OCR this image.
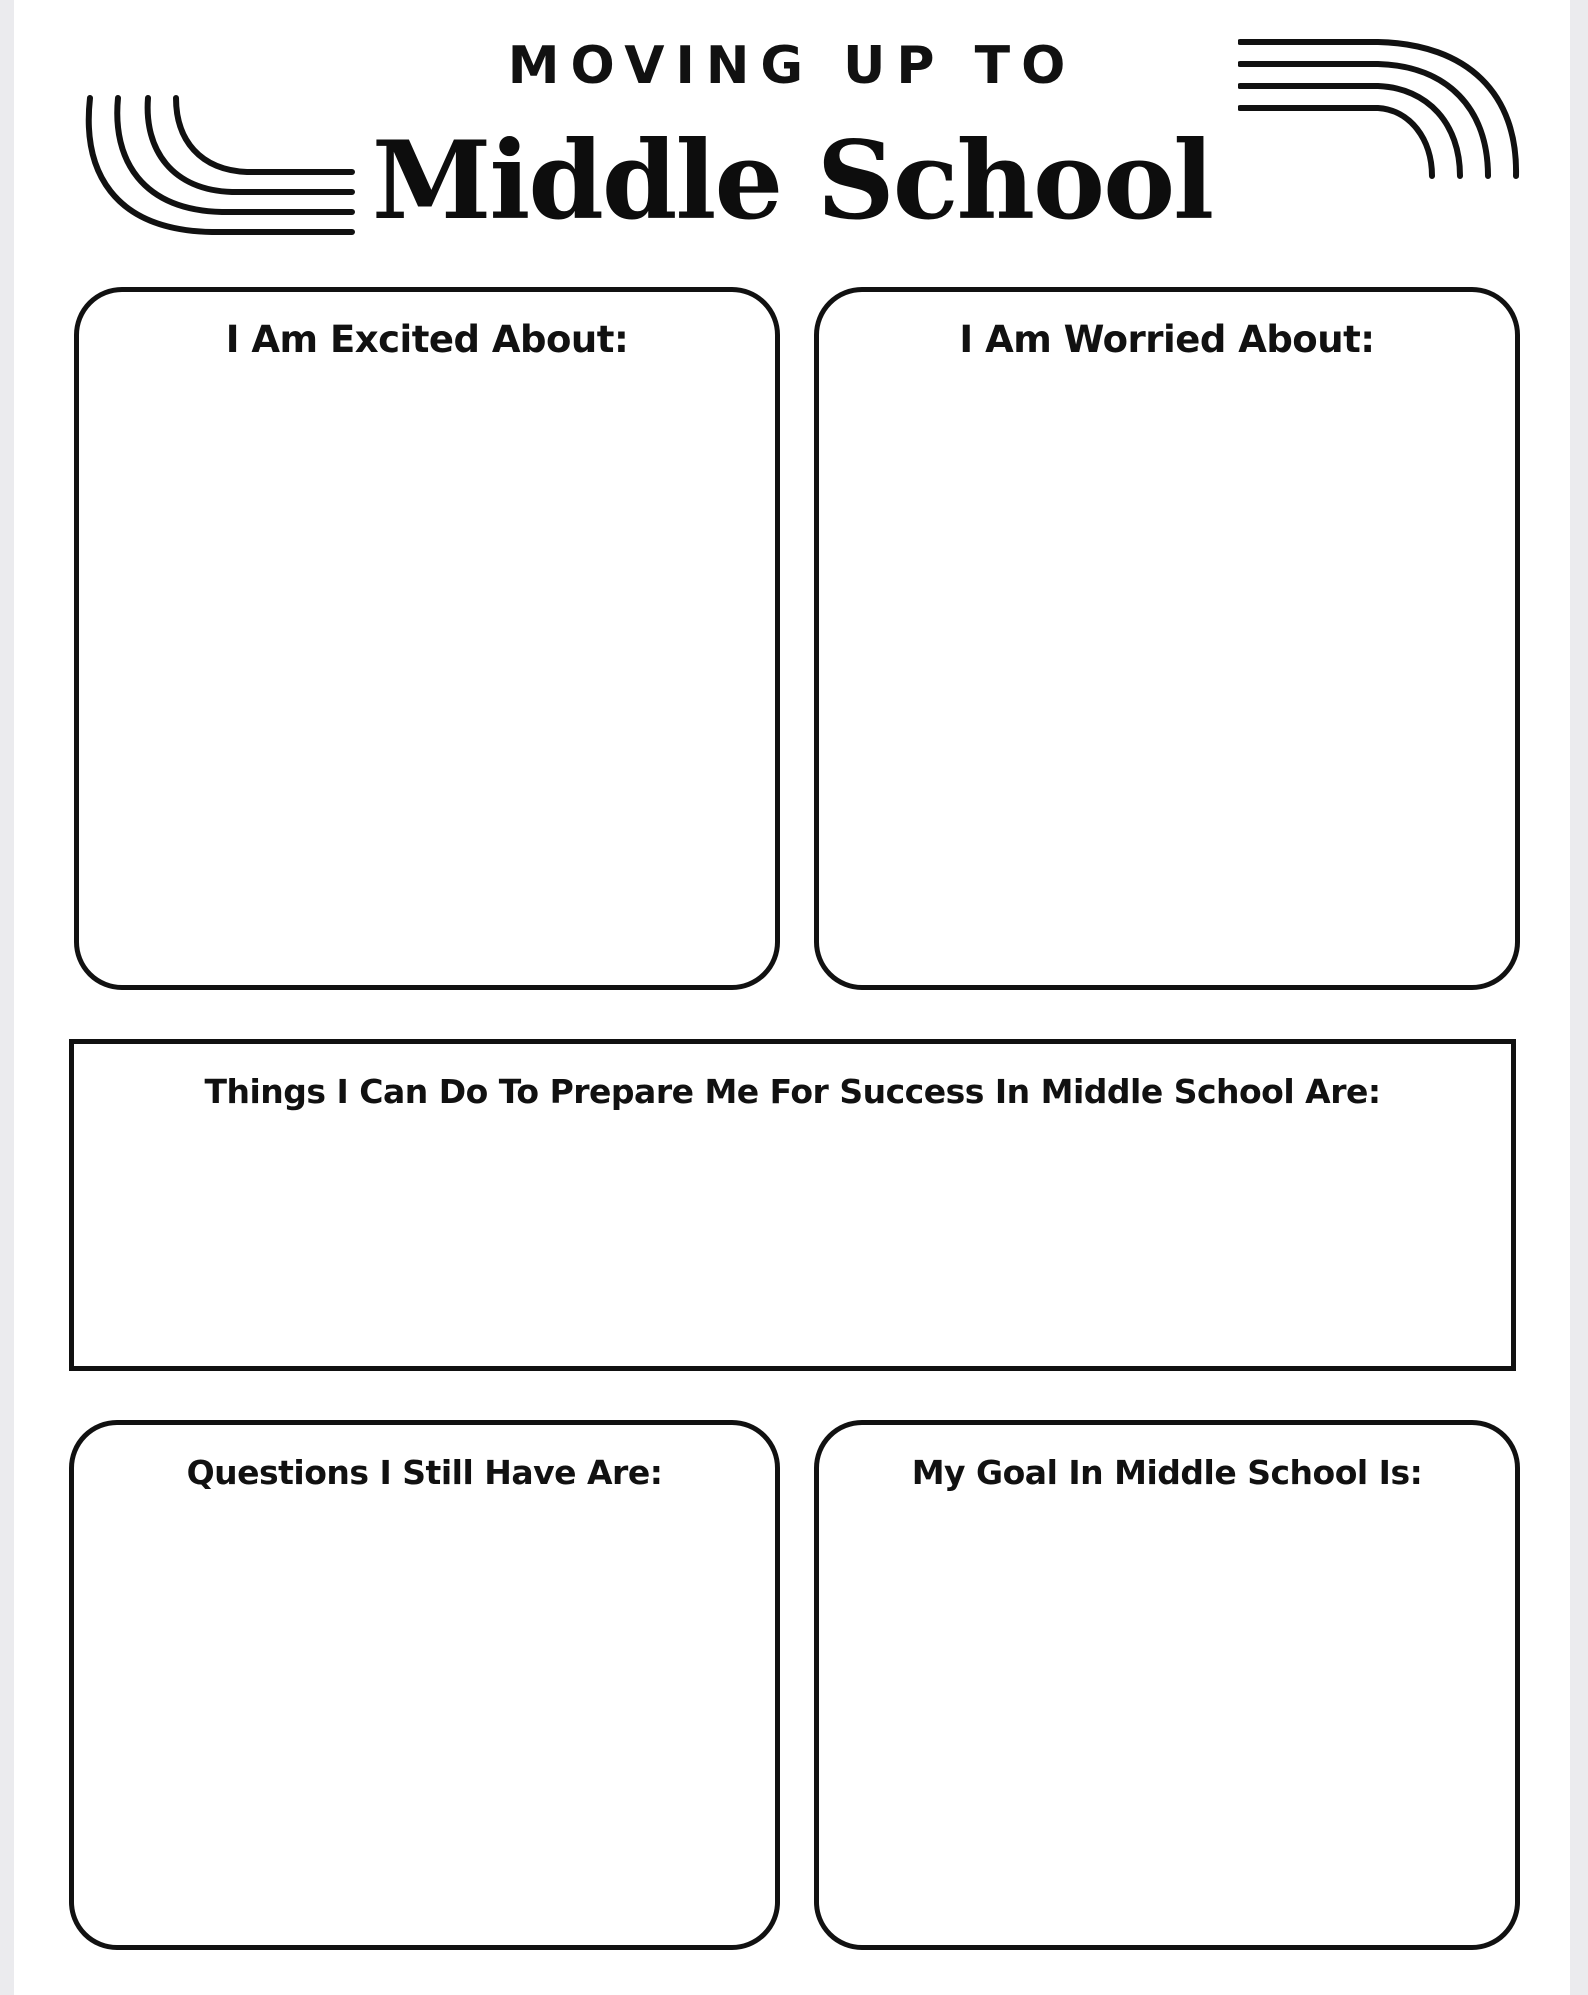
MOVING UP TO
Middle School
I Am Excited About:	I Am Worried About:
Things I Can Do To Prepare Me For Success In Middle School Are:
Questions I Still Have Are:	My Goal In Middle School Is:
